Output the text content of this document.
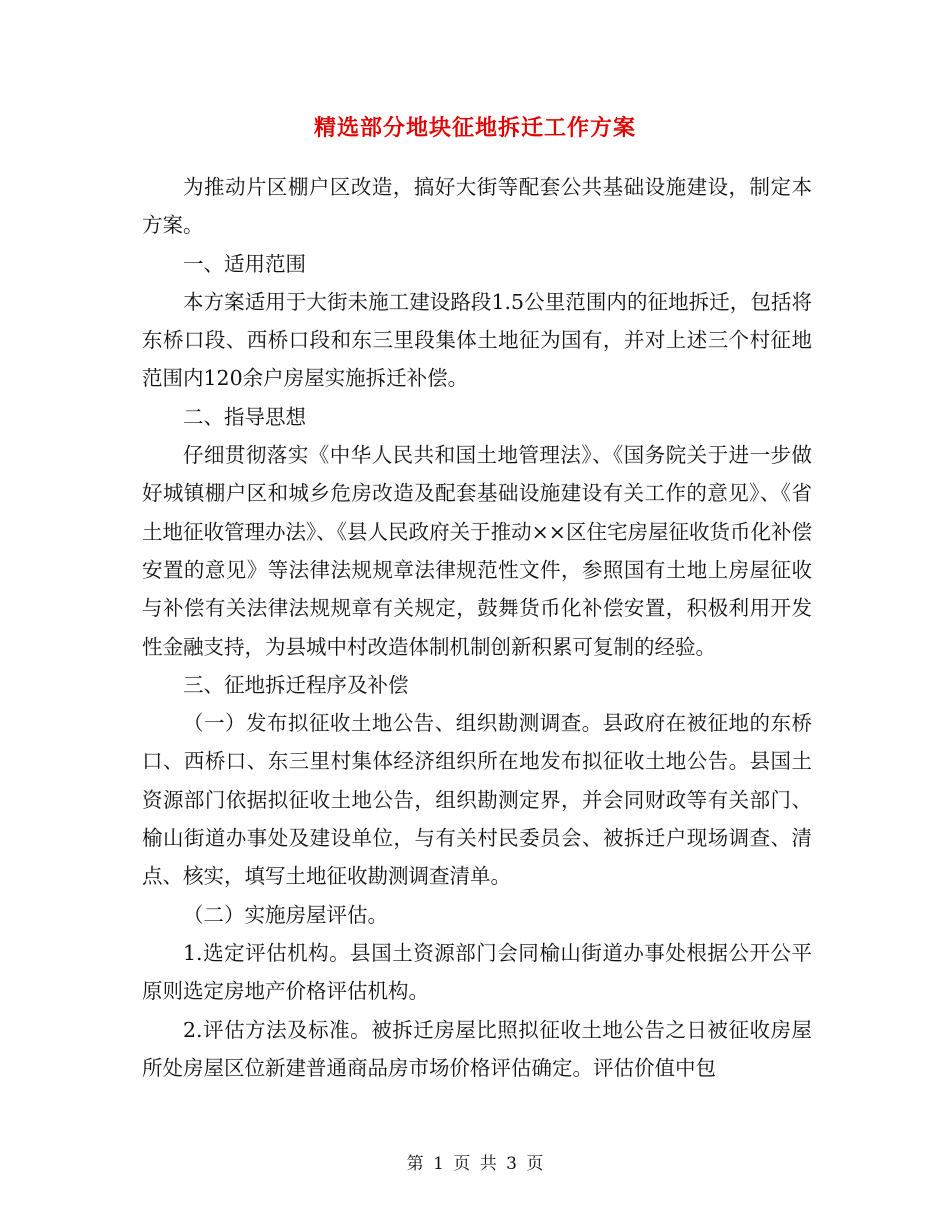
精选部分地块征地拆迁工作方案

为推动片区棚户区改造，搞好大街等配套公共基础设施建设，制定本方案。

一、适用范围

本方案适用于大街未施工建设路段1.5公里范围内的征地拆迁，包括将东桥口段、西桥口段和东三里段集体土地征为国有，并对上述三个村征地范围内120余户房屋实施拆迁补偿。

二、指导思想

仔细贯彻落实《中华人民共和国土地管理法》、《国务院关于进一步做好城镇棚户区和城乡危房改造及配套基础设施建设有关工作的意见》、《省土地征收管理办法》、《县人民政府关于推动××区住宅房屋征收货币化补偿安置的意见》等法律法规规章法律规范性文件，参照国有土地上房屋征收与补偿有关法律法规规章有关规定，鼓舞货币化补偿安置，积极利用开发性金融支持，为县城中村改造体制机制创新积累可复制的经验。

三、征地拆迁程序及补偿

（一）发布拟征收土地公告、组织勘测调查。县政府在被征地的东桥口、西桥口、东三里村集体经济组织所在地发布拟征收土地公告。县国土资源部门依据拟征收土地公告，组织勘测定界，并会同财政等有关部门、榆山街道办事处及建设单位，与有关村民委员会、被拆迁户现场调查、清点、核实，填写土地征收勘测调查清单。

（二）实施房屋评估。

1.选定评估机构。县国土资源部门会同榆山街道办事处根据公开公平原则选定房地产价格评估机构。

2.评估方法及标准。被拆迁房屋比照拟征收土地公告之日被征收房屋所处房屋区位新建普通商品房市场价格评估确定。评估价值中包

第 1 页 共 3 页
